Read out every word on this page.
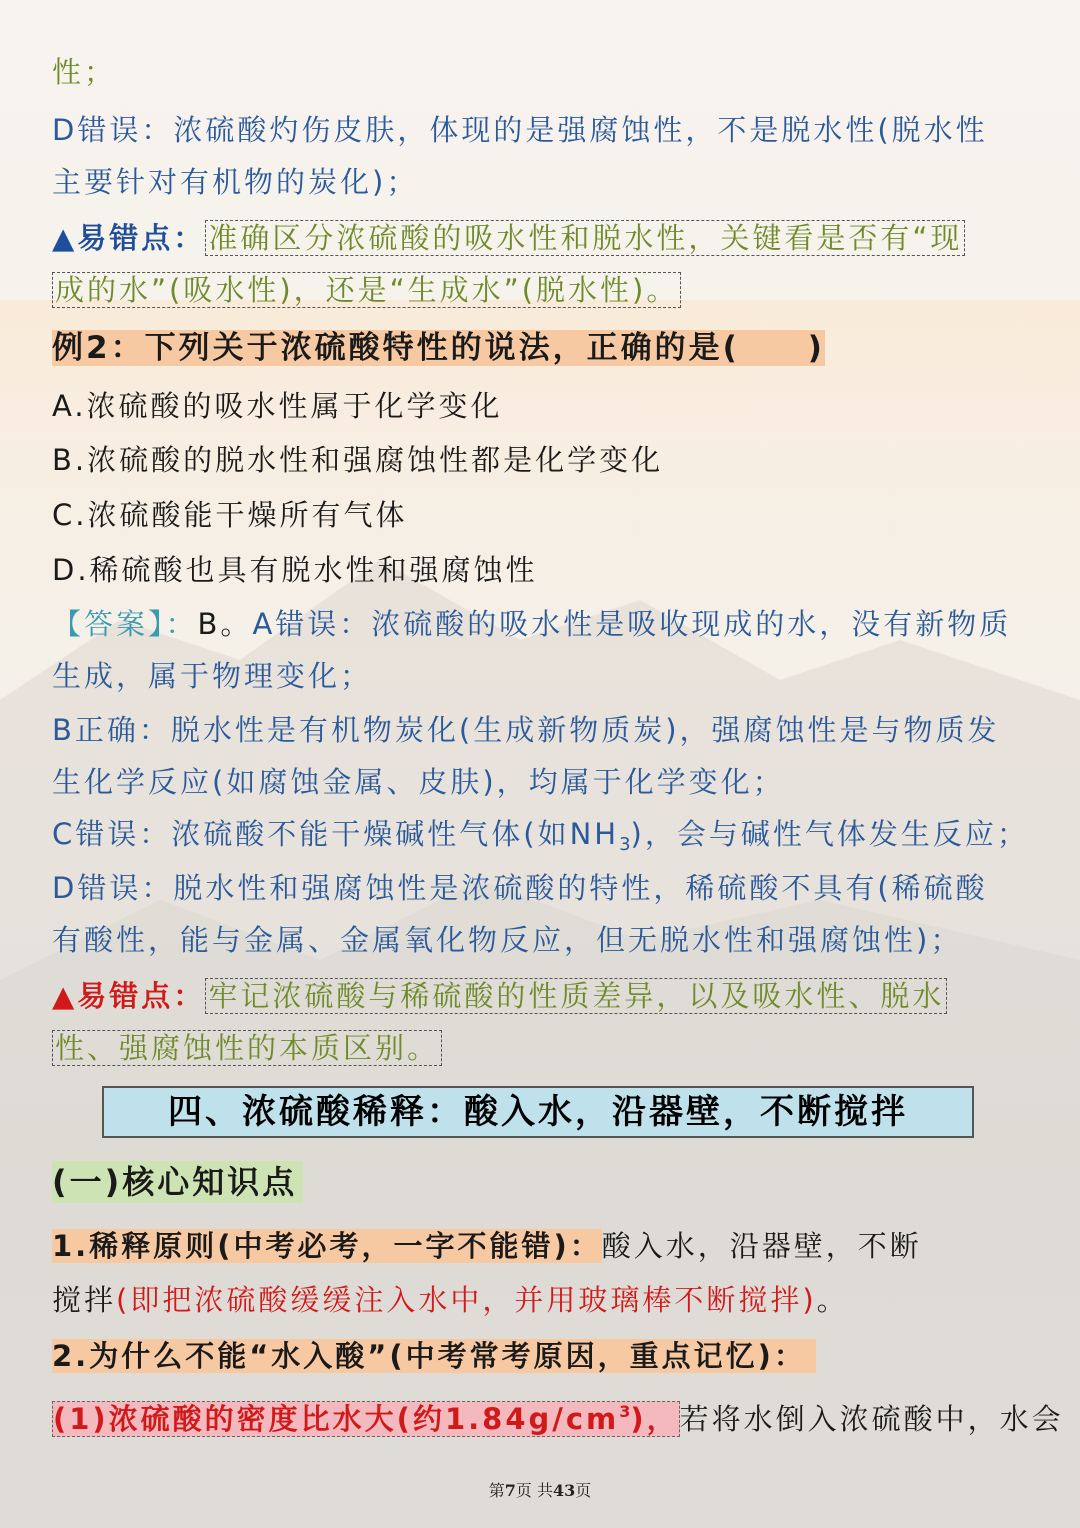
性；
D错误：浓硫酸灼伤皮肤，体现的是强腐蚀性，不是脱水性(脱水性
主要针对有机物的炭化)；
▲易错点： 准确区分浓硫酸的吸水性和脱水性，关键看是否有“现
成的水”(吸水性)，还是“生成水”(脱水性)。
例2：下列关于浓硫酸特性的说法，正确的是(　　)
A.浓硫酸的吸水性属于化学变化
B.浓硫酸的脱水性和强腐蚀性都是化学变化
C.浓硫酸能干燥所有气体
D.稀硫酸也具有脱水性和强腐蚀性
【答案】：B。A错误：浓硫酸的吸水性是吸收现成的水，没有新物质
生成，属于物理变化；
B正确：脱水性是有机物炭化(生成新物质炭)，强腐蚀性是与物质发
生化学反应(如腐蚀金属、皮肤)，均属于化学变化；
C错误：浓硫酸不能干燥碱性气体(如$NH_3$)，会与碱性气体发生反应；
D错误：脱水性和强腐蚀性是浓硫酸的特性，稀硫酸不具有(稀硫酸
有酸性，能与金属、金属氧化物反应，但无脱水性和强腐蚀性)；
▲易错点： 牢记浓硫酸与稀硫酸的性质差异，以及吸水性、脱水
性、强腐蚀性的本质区别。
四、浓硫酸稀释：酸入水，沿器壁，不断搅拌
(一)核心知识点
1.稀释原则(中考必考，一字不能错)：酸入水，沿器壁，不断
搅拌(即把浓硫酸缓缓注入水中，并用玻璃棒不断搅拌)。
2.为什么不能“水入酸”(中考常考原因，重点记忆)：
(1)浓硫酸的密度比水大(约$1.84g/cm^3$)，若将水倒入浓硫酸中，水会
第7页 共43页
